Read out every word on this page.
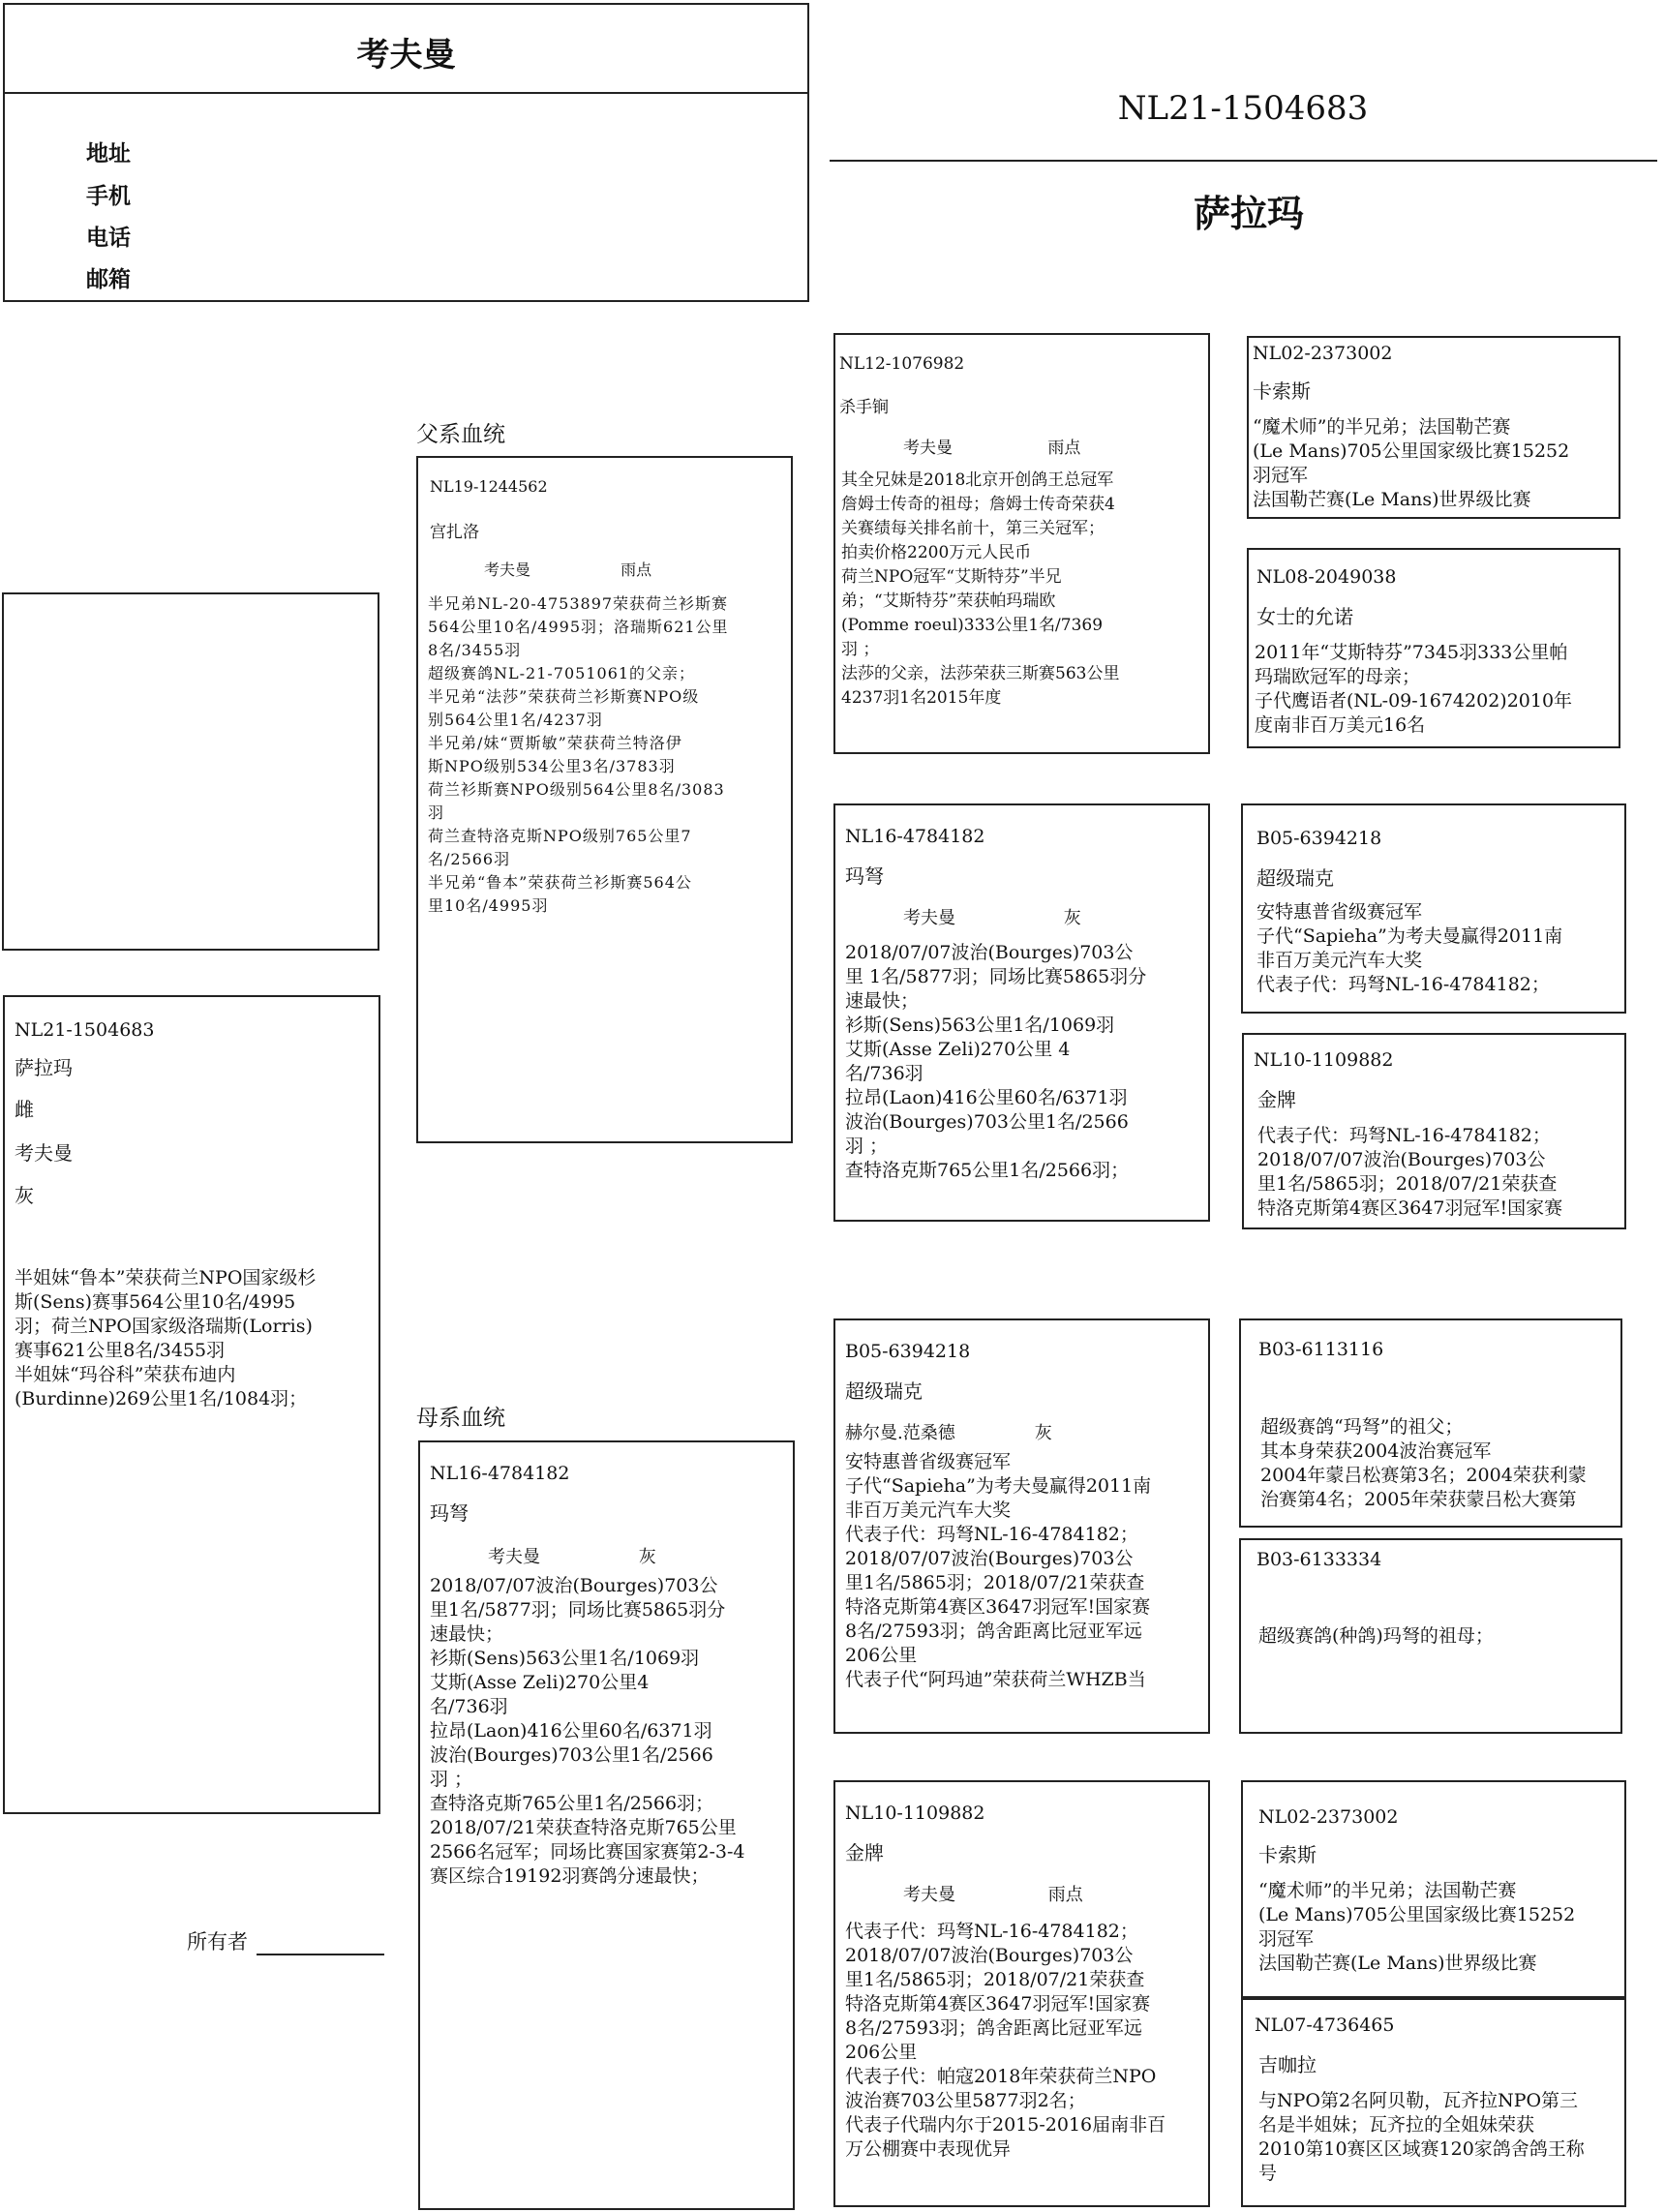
考夫曼
地址
手机
电话
邮箱
NL21-1504683
萨拉玛
NL21-1504683
萨拉玛
雌
考夫曼
灰
半姐妹“鲁本”荣获荷兰NPO国家级杉
斯(Sens)赛事564公里10名/4995
羽；荷兰NPO国家级洛瑞斯(Lorris)
赛事621公里8名/3455羽
半姐妹“玛谷科”荣获布迪内
(Burdinne)269公里1名/1084羽；
所有者
父系血统
母系血统
NL19-1244562
宫扎洛
考夫曼	雨点
半兄弟NL-20-4753897荣获荷兰衫斯赛
564公里10名/4995羽；洛瑞斯621公里
8名/3455羽
超级赛鸽NL-21-7051061的父亲；
半兄弟“法莎”荣获荷兰衫斯赛NPO级
别564公里1名/4237羽
半兄弟/妹“贾斯敏”荣获荷兰特洛伊
斯NPO级别534公里3名/3783羽
荷兰衫斯赛NPO级别564公里8名/3083
羽
荷兰查特洛克斯NPO级别765公里7
名/2566羽
半兄弟“鲁本”荣获荷兰衫斯赛564公
里10名/4995羽
NL16-4784182
玛弩
考夫曼	灰
2018/07/07波治(Bourges)703公
里1名/5877羽；同场比赛5865羽分
速最快；
衫斯(Sens)563公里1名/1069羽
艾斯(Asse Zeli)270公里4
名/736羽
拉昂(Laon)416公里60名/6371羽
波治(Bourges)703公里1名/2566
羽 ；
查特洛克斯765公里1名/2566羽；
2018/07/21荣获查特洛克斯765公里
2566名冠军；同场比赛国家赛第2-3-4
赛区综合19192羽赛鸽分速最快；
NL12-1076982
杀手锏
考夫曼	雨点
其全兄妹是2018北京开创鸽王总冠军
詹姆士传奇的祖母；詹姆士传奇荣获4
关赛绩每关排名前十，第三关冠军；
拍卖价格2200万元人民币
荷兰NPO冠军“艾斯特芬”半兄
弟；“艾斯特芬”荣获帕玛瑞欧
(Pomme roeul)333公里1名/7369
羽 ；
法莎的父亲，法莎荣获三斯赛563公里
4237羽1名2015年度
NL16-4784182
玛弩
考夫曼	灰
2018/07/07波治(Bourges)703公
里 1名/5877羽；同场比赛5865羽分
速最快；
衫斯(Sens)563公里1名/1069羽
艾斯(Asse Zeli)270公里 4
名/736羽
拉昂(Laon)416公里60名/6371羽
波治(Bourges)703公里1名/2566
羽 ；
查特洛克斯765公里1名/2566羽；
B05-6394218
超级瑞克
赫尔曼.范桑德	灰
安特惠普省级赛冠军
子代“Sapieha”为考夫曼赢得2011南
非百万美元汽车大奖
代表子代：玛弩NL-16-4784182；
2018/07/07波治(Bourges)703公
里1名/5865羽；2018/07/21荣获查
特洛克斯第4赛区3647羽冠军!国家赛
8名/27593羽；鸽舍距离比冠亚军远
206公里
代表子代“阿玛迪”荣获荷兰WHZB当
NL10-1109882
金牌
考夫曼	雨点
代表子代：玛弩NL-16-4784182；
2018/07/07波治(Bourges)703公
里1名/5865羽；2018/07/21荣获查
特洛克斯第4赛区3647羽冠军!国家赛
8名/27593羽；鸽舍距离比冠亚军远
206公里
代表子代：帕寇2018年荣获荷兰NPO
波治赛703公里5877羽2名；
代表子代瑞内尔于2015-2016届南非百
万公棚赛中表现优异
NL02-2373002
卡索斯
“魔术师”的半兄弟；法国勒芒赛
(Le Mans)705公里国家级比赛15252
羽冠军
法国勒芒赛(Le Mans)世界级比赛
NL08-2049038
女士的允诺
2011年“艾斯特芬”7345羽333公里帕
玛瑞欧冠军的母亲；
子代鹰语者(NL-09-1674202)2010年
度南非百万美元16名
B05-6394218
超级瑞克
安特惠普省级赛冠军
子代“Sapieha”为考夫曼赢得2011南
非百万美元汽车大奖
代表子代：玛弩NL-16-4784182；
NL10-1109882
金牌
代表子代：玛弩NL-16-4784182；
2018/07/07波治(Bourges)703公
里1名/5865羽；2018/07/21荣获查
特洛克斯第4赛区3647羽冠军!国家赛
B03-6113116
超级赛鸽“玛弩”的祖父；
其本身荣获2004波治赛冠军
2004年蒙吕松赛第3名；2004荣获利蒙
治赛第4名；2005年荣获蒙吕松大赛第
B03-6133334
超级赛鸽(种鸽)玛弩的祖母；
NL02-2373002
卡索斯
“魔术师”的半兄弟；法国勒芒赛
(Le Mans)705公里国家级比赛15252
羽冠军
法国勒芒赛(Le Mans)世界级比赛
NL07-4736465
吉咖拉
与NPO第2名阿贝勒，瓦齐拉NPO第三
名是半姐妹；瓦齐拉的全姐妹荣获
2010第10赛区区域赛120家鸽舍鸽王称
号
